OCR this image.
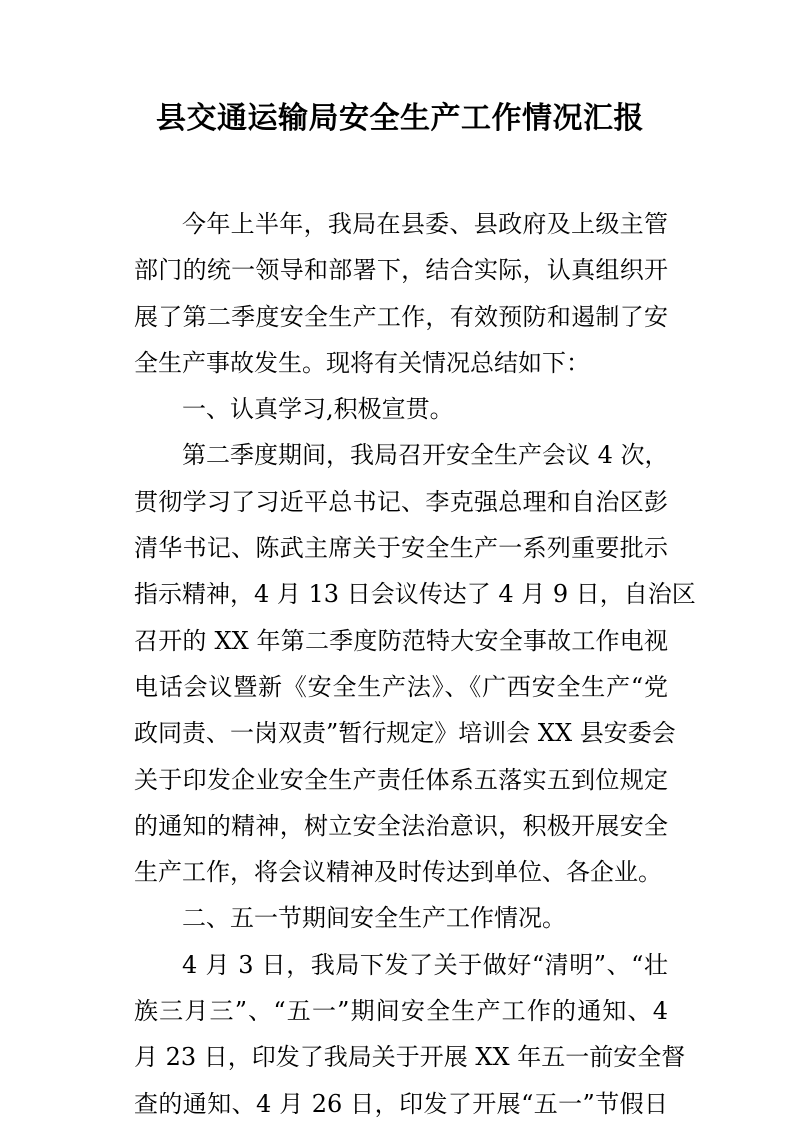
县交通运输局安全生产工作情况汇报
今年上半年，我局在县委、县政府及上级主管
部门的统一领导和部署下，结合实际，认真组织开
展了第二季度安全生产工作，有效预防和遏制了安
全生产事故发生。现将有关情况总结如下：
一、认真学习,积极宣贯。
第二季度期间，我局召开安全生产会议 4 次，
贯彻学习了习近平总书记、李克强总理和自治区彭
清华书记、陈武主席关于安全生产一系列重要批示
指示精神，4 月 13 日会议传达了 4 月 9 日，自治区
召开的 XX 年第二季度防范特大安全事故工作电视
电话会议暨新《安全生产法》、《广西安全生产“党
政同责、一岗双责”暂行规定》培训会 XX 县安委会
关于印发企业安全生产责任体系五落实五到位规定
的通知的精神，树立安全法治意识，积极开展安全
生产工作，将会议精神及时传达到单位、各企业。
二、五一节期间安全生产工作情况。
4 月 3 日，我局下发了关于做好“清明”、“壮
族三月三”、“五一”期间安全生产工作的通知、4
月 23 日，印发了我局关于开展 XX 年五一前安全督
查的通知、4 月 26 日，印发了开展“五一”节假日
